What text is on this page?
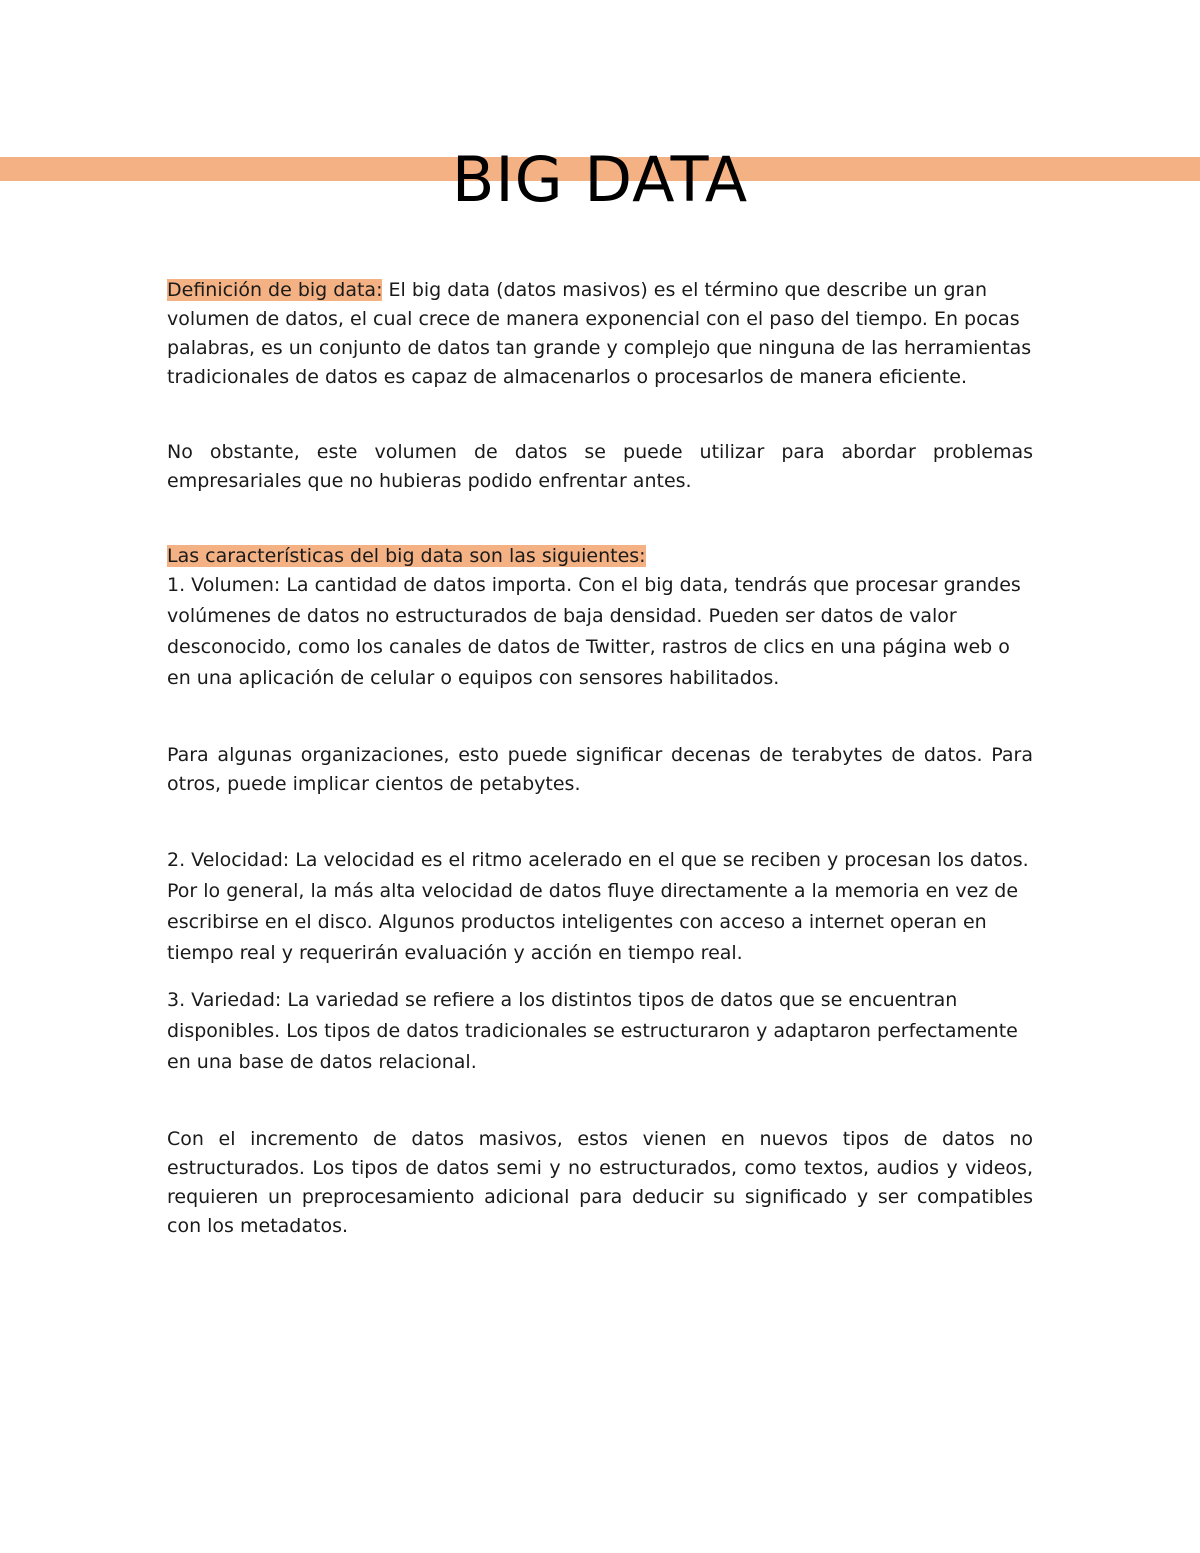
BIG DATA

Definición de big data: El big data (datos masivos) es el término que describe un gran volumen de datos, el cual crece de manera exponencial con el paso del tiempo. En pocas palabras, es un conjunto de datos tan grande y complejo que ninguna de las herramientas tradicionales de datos es capaz de almacenarlos o procesarlos de manera eficiente.

No obstante, este volumen de datos se puede utilizar para abordar problemas empresariales que no hubieras podido enfrentar antes.

Las características del big data son las siguientes:

1. Volumen: La cantidad de datos importa. Con el big data, tendrás que procesar grandes volúmenes de datos no estructurados de baja densidad. Pueden ser datos de valor desconocido, como los canales de datos de Twitter, rastros de clics en una página web o en una aplicación de celular o equipos con sensores habilitados.

Para algunas organizaciones, esto puede significar decenas de terabytes de datos. Para otros, puede implicar cientos de petabytes.

2. Velocidad: La velocidad es el ritmo acelerado en el que se reciben y procesan los datos. Por lo general, la más alta velocidad de datos fluye directamente a la memoria en vez de escribirse en el disco. Algunos productos inteligentes con acceso a internet operan en tiempo real y requerirán evaluación y acción en tiempo real.

3. Variedad: La variedad se refiere a los distintos tipos de datos que se encuentran disponibles. Los tipos de datos tradicionales se estructuraron y adaptaron perfectamente en una base de datos relacional.

Con el incremento de datos masivos, estos vienen en nuevos tipos de datos no estructurados. Los tipos de datos semi y no estructurados, como textos, audios y videos, requieren un preprocesamiento adicional para deducir su significado y ser compatibles con los metadatos.
